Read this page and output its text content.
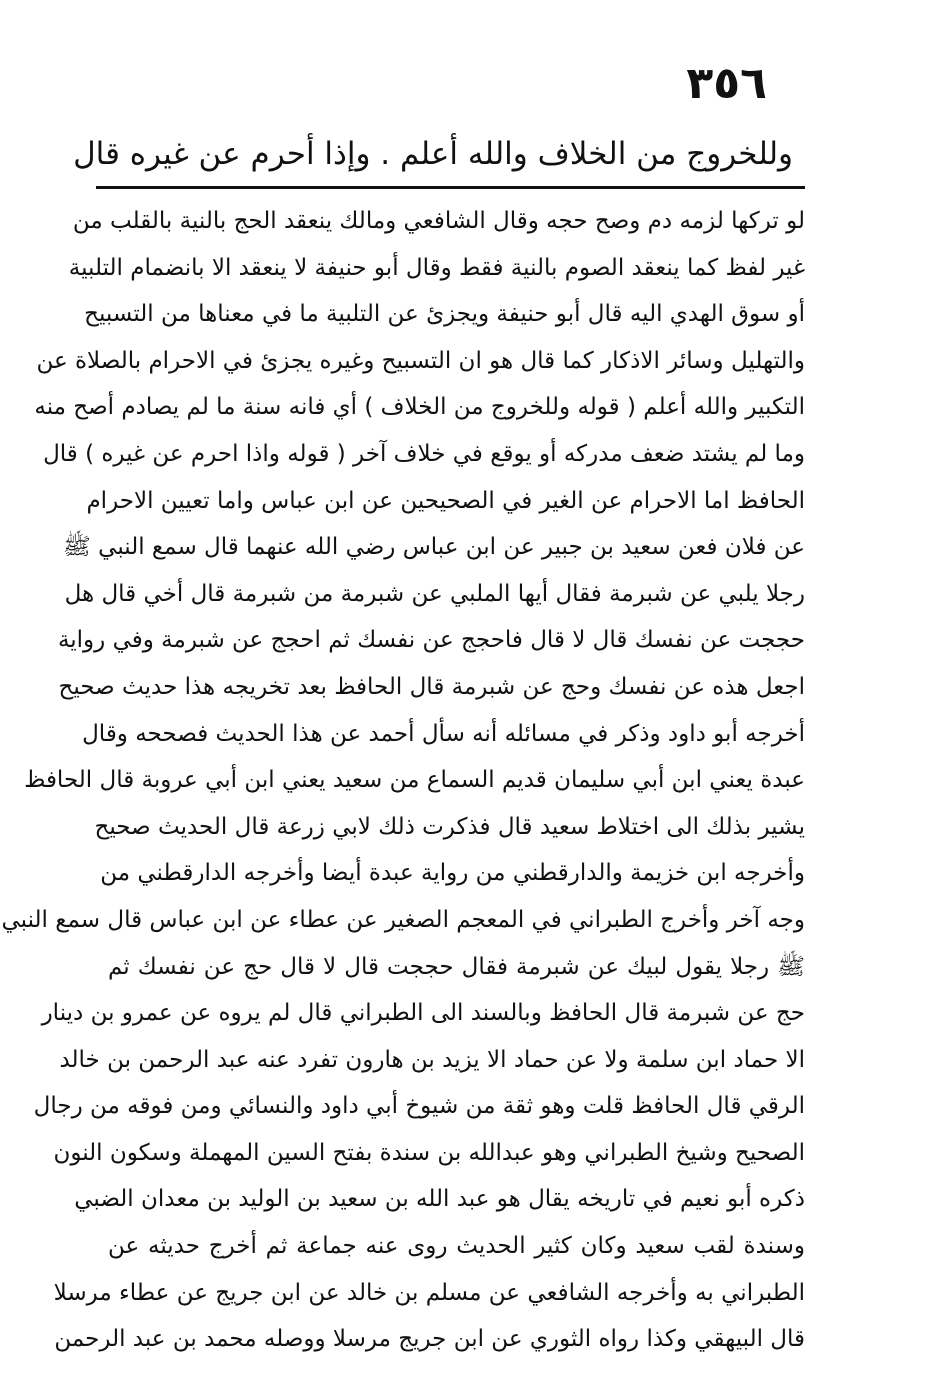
٣٥٦
وللخروج من الخلاف والله أعلم . وإذا أحرم عن غيره قال
لو تركها لزمه دم وصح حجه وقال الشافعي ومالك ينعقد الحج بالنية بالقلب من
غير لفظ كما ينعقد الصوم بالنية فقط وقال أبو حنيفة لا ينعقد الا بانضمام التلبية
أو سوق الهدي اليه قال أبو حنيفة ويجزئ عن التلبية ما في معناها من التسبيح
والتهليل وسائر الاذكار كما قال هو ان التسبيح وغيره يجزئ في الاحرام بالصلاة عن
التكبير والله أعلم ( قوله وللخروج من الخلاف ) أي فانه سنة ما لم يصادم أصح منه
وما لم يشتد ضعف مدركه أو يوقع في خلاف آخر ( قوله واذا احرم عن غيره ) قال
الحافظ اما الاحرام عن الغير في الصحيحين عن ابن عباس واما تعيين الاحرام
عن فلان فعن سعيد بن جبير عن ابن عباس رضي الله عنهما قال سمع النبي ﷺ
رجلا يلبي عن شبرمة فقال أيها الملبي عن شبرمة من شبرمة قال أخي قال هل
حججت عن نفسك قال لا قال فاحجج عن نفسك ثم احجج عن شبرمة وفي رواية
اجعل هذه عن نفسك وحج عن شبرمة قال الحافظ بعد تخريجه هذا حديث صحيح
أخرجه أبو داود وذكر في مسائله أنه سأل أحمد عن هذا الحديث فصححه وقال
عبدة يعني ابن أبي سليمان قديم السماع من سعيد يعني ابن أبي عروبة قال الحافظ
يشير بذلك الى اختلاط سعيد قال فذكرت ذلك لابي زرعة قال الحديث صحيح
وأخرجه ابن خزيمة والدارقطني من رواية عبدة أيضا وأخرجه الدارقطني من
وجه آخر وأخرج الطبراني في المعجم الصغير عن عطاء عن ابن عباس قال سمع النبي
ﷺ رجلا يقول لبيك عن شبرمة فقال حججت قال لا قال حج عن نفسك ثم
حج عن شبرمة قال الحافظ وبالسند الى الطبراني قال لم يروه عن عمرو بن دينار
الا حماد ابن سلمة ولا عن حماد الا يزيد بن هارون تفرد عنه عبد الرحمن بن خالد
الرقي قال الحافظ قلت وهو ثقة من شيوخ أبي داود والنسائي ومن فوقه من رجال
الصحيح وشيخ الطبراني وهو عبدالله بن سندة بفتح السين المهملة وسكون النون
ذكره أبو نعيم في تاريخه يقال هو عبد الله بن سعيد بن الوليد بن معدان الضبي
وسندة لقب سعيد وكان كثير الحديث روى عنه جماعة ثم أخرج حديثه عن
الطبراني به وأخرجه الشافعي عن مسلم بن خالد عن ابن جريج عن عطاء مرسلا
قال البيهقي وكذا رواه الثوري عن ابن جريج مرسلا ووصله محمد بن عبد الرحمن
